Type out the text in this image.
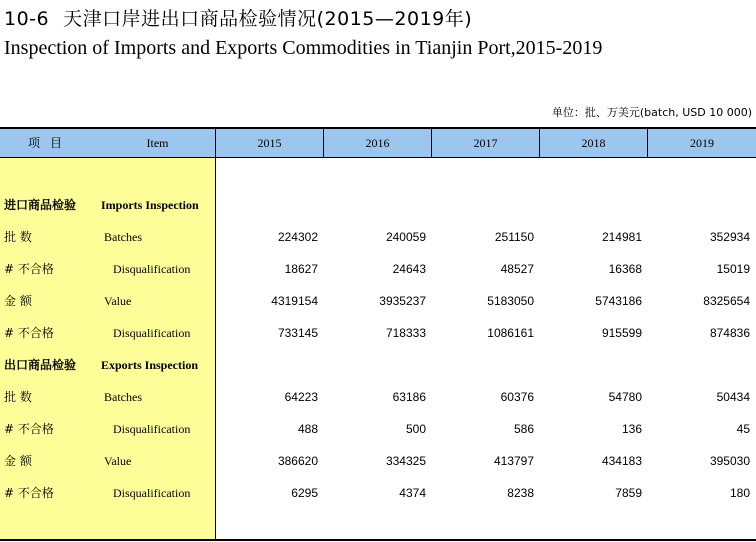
10-6 天津口岸进出口商品检验情况(2015—2019年)
Inspection of Imports and Exports Commodities in Tianjin Port,2015-2019
单位：批、万美元(batch, USD 10 000)
项目	Item	2015	2016	2017	2018	2019
进口商品检验 Imports Inspection
批 数	Batches	224302	240059	251150	214981	352934
# 不合格	Disqualification	18627	24643	48527	16368	15019
金 额	Value	4319154	3935237	5183050	5743186	8325654
# 不合格	Disqualification	733145	718333	1086161	915599	874836
出口商品检验 Exports Inspection
批 数	Batches	64223	63186	60376	54780	50434
# 不合格	Disqualification	488	500	586	136	45
金 额	Value	386620	334325	413797	434183	395030
# 不合格	Disqualification	6295	4374	8238	7859	180
